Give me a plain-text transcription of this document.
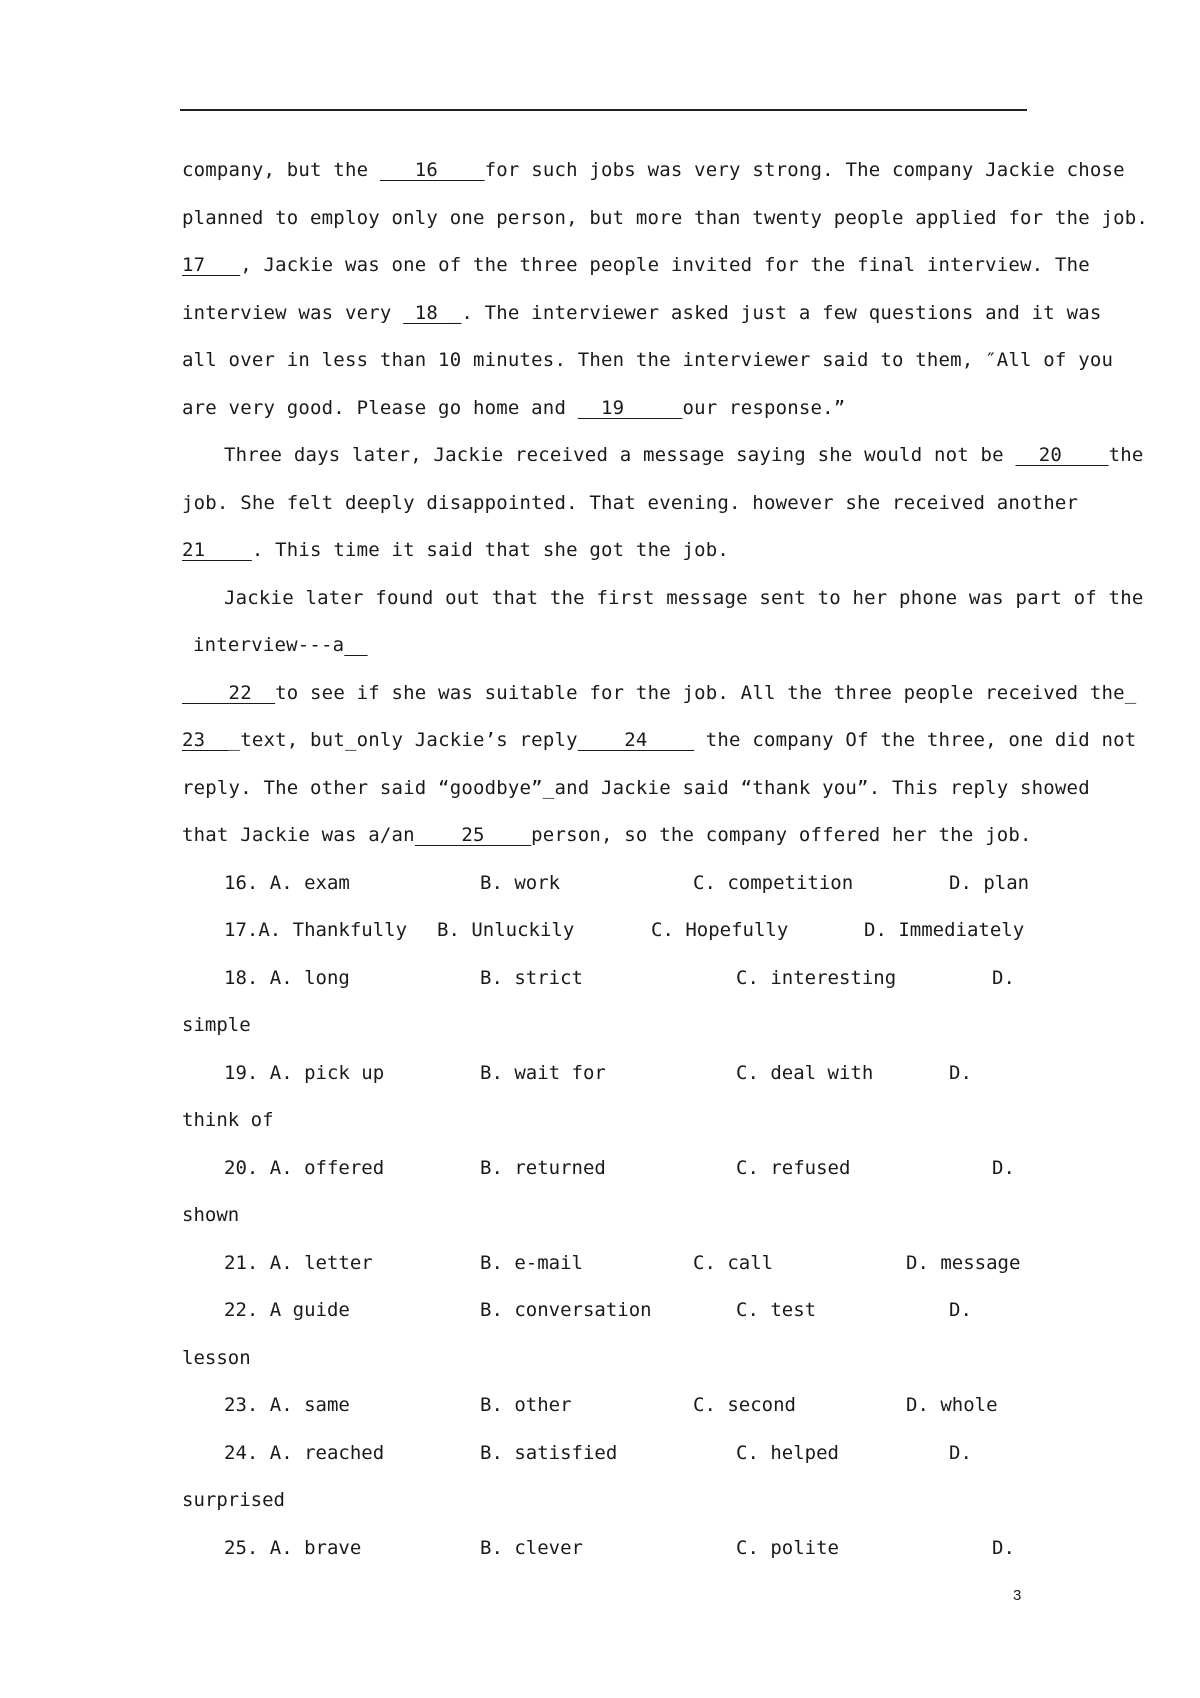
company, but the    16    for such jobs was very strong. The company Jackie chose
planned to employ only one person, but more than twenty people applied for the job.
17   , Jackie was one of the three people invited for the final interview. The
interview was very  18 _. The interviewer asked just a few questions and it was
all over in less than 10 minutes. Then the interviewer said to them, ″All of you
are very good. Please go home and   19     our response.”
Three days later, Jackie received a message saying she would not be   20    the
job. She felt deeply disappointed. That evening. however she received another
21    . This time it said that she got the job.
Jackie later found out that the first message sent to her phone was part of the
interview---a
22  to see if she was suitable for the job. All the three people received the_
23  _text, but_only Jackie’s reply    24     the company Of the three, one did not
reply. The other said “goodbye”_and Jackie said “thank you”. This reply showed
that Jackie was a/an    25    person, so the company offered her the job.
16. A. exam	B. work	C. competition	D. plan
17.A. Thankfully B. Unluckily	C. Hopefully	D. Immediately
18. A. long	B. strict	C. interesting	D.
simple
19. A. pick up	B. wait for	C. deal with	D.
think of
20. A. offered	B. returned	C. refused	D.
shown
21. A. letter	B. e-mail	C. call	D. message
22. A guide	B. conversation	C. test	D.
lesson
23. A. same	B. other	C. second	D. whole
24. A. reached	B. satisfied	C. helped	D.
surprised
25. A. brave	B. clever	C. polite	D.
3
